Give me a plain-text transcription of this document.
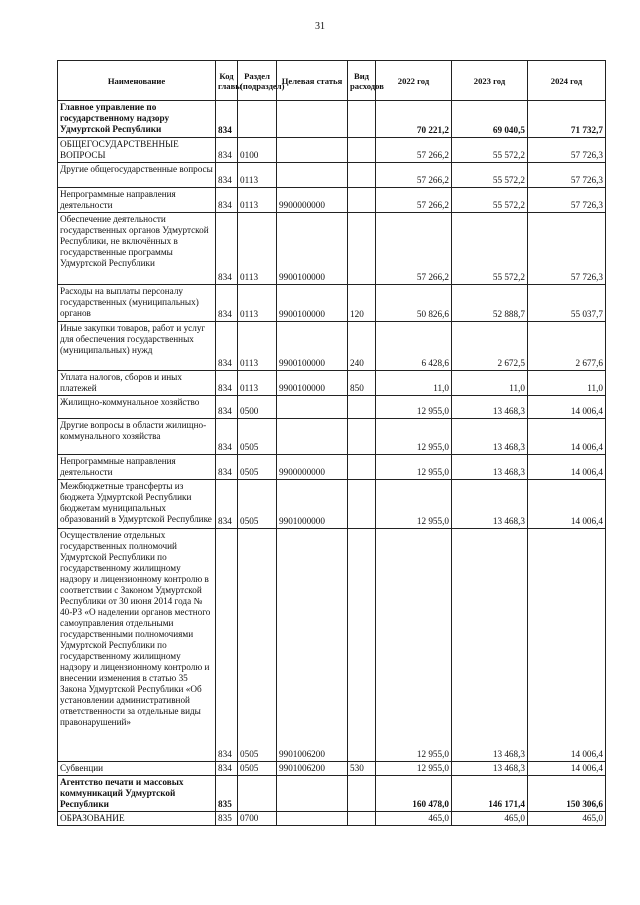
31
Наименование	Код главы	Раздел (подраздел)	Целевая статья	Вид расходов	2022 год	2023 год	2024 год
Главное управление по государственному надзору Удмуртской Республики	834				70 221,2	69 040,5	71 732,7
ОБЩЕГОСУДАРСТВЕННЫЕ ВОПРОСЫ	834	0100			57 266,2	55 572,2	57 726,3
Другие общегосударственные вопросы	834	0113			57 266,2	55 572,2	57 726,3
Непрограммные направления деятельности	834	0113	9900000000		57 266,2	55 572,2	57 726,3
Обеспечение деятельности государственных органов Удмуртской Республики, не включённых в государственные программы Удмуртской Республики	834	0113	9900100000		57 266,2	55 572,2	57 726,3
Расходы на выплаты персоналу государственных (муниципальных) органов	834	0113	9900100000	120	50 826,6	52 888,7	55 037,7
Иные закупки товаров, работ и услуг для обеспечения государственных (муниципальных) нужд	834	0113	9900100000	240	6 428,6	2 672,5	2 677,6
Уплата налогов, сборов и иных платежей	834	0113	9900100000	850	11,0	11,0	11,0
Жилищно-коммунальное хозяйство	834	0500			12 955,0	13 468,3	14 006,4
Другие вопросы в области жилищно-коммунального хозяйства	834	0505			12 955,0	13 468,3	14 006,4
Непрограммные направления деятельности	834	0505	9900000000		12 955,0	13 468,3	14 006,4
Межбюджетные трансферты из бюджета Удмуртской Республики бюджетам муниципальных образований в Удмуртской Республике	834	0505	9901000000		12 955,0	13 468,3	14 006,4
Осуществление отдельных государственных полномочий Удмуртской Республики по государственному жилищному надзору и лицензионному контролю в соответствии с Законом Удмуртской Республики от 30 июня 2014 года № 40-РЗ «О наделении органов местного самоуправления отдельными государственными полномочиями Удмуртской Республики по государственному жилищному надзору и лицензионному контролю и внесении изменения в статью 35 Закона Удмуртской Республики «Об установлении административной ответственности за отдельные виды правонарушений»	834	0505	9901006200		12 955,0	13 468,3	14 006,4
Субвенции	834	0505	9901006200	530	12 955,0	13 468,3	14 006,4
Агентство печати и массовых коммуникаций Удмуртской Республики	835				160 478,0	146 171,4	150 306,6
ОБРАЗОВАНИЕ	835	0700			465,0	465,0	465,0
